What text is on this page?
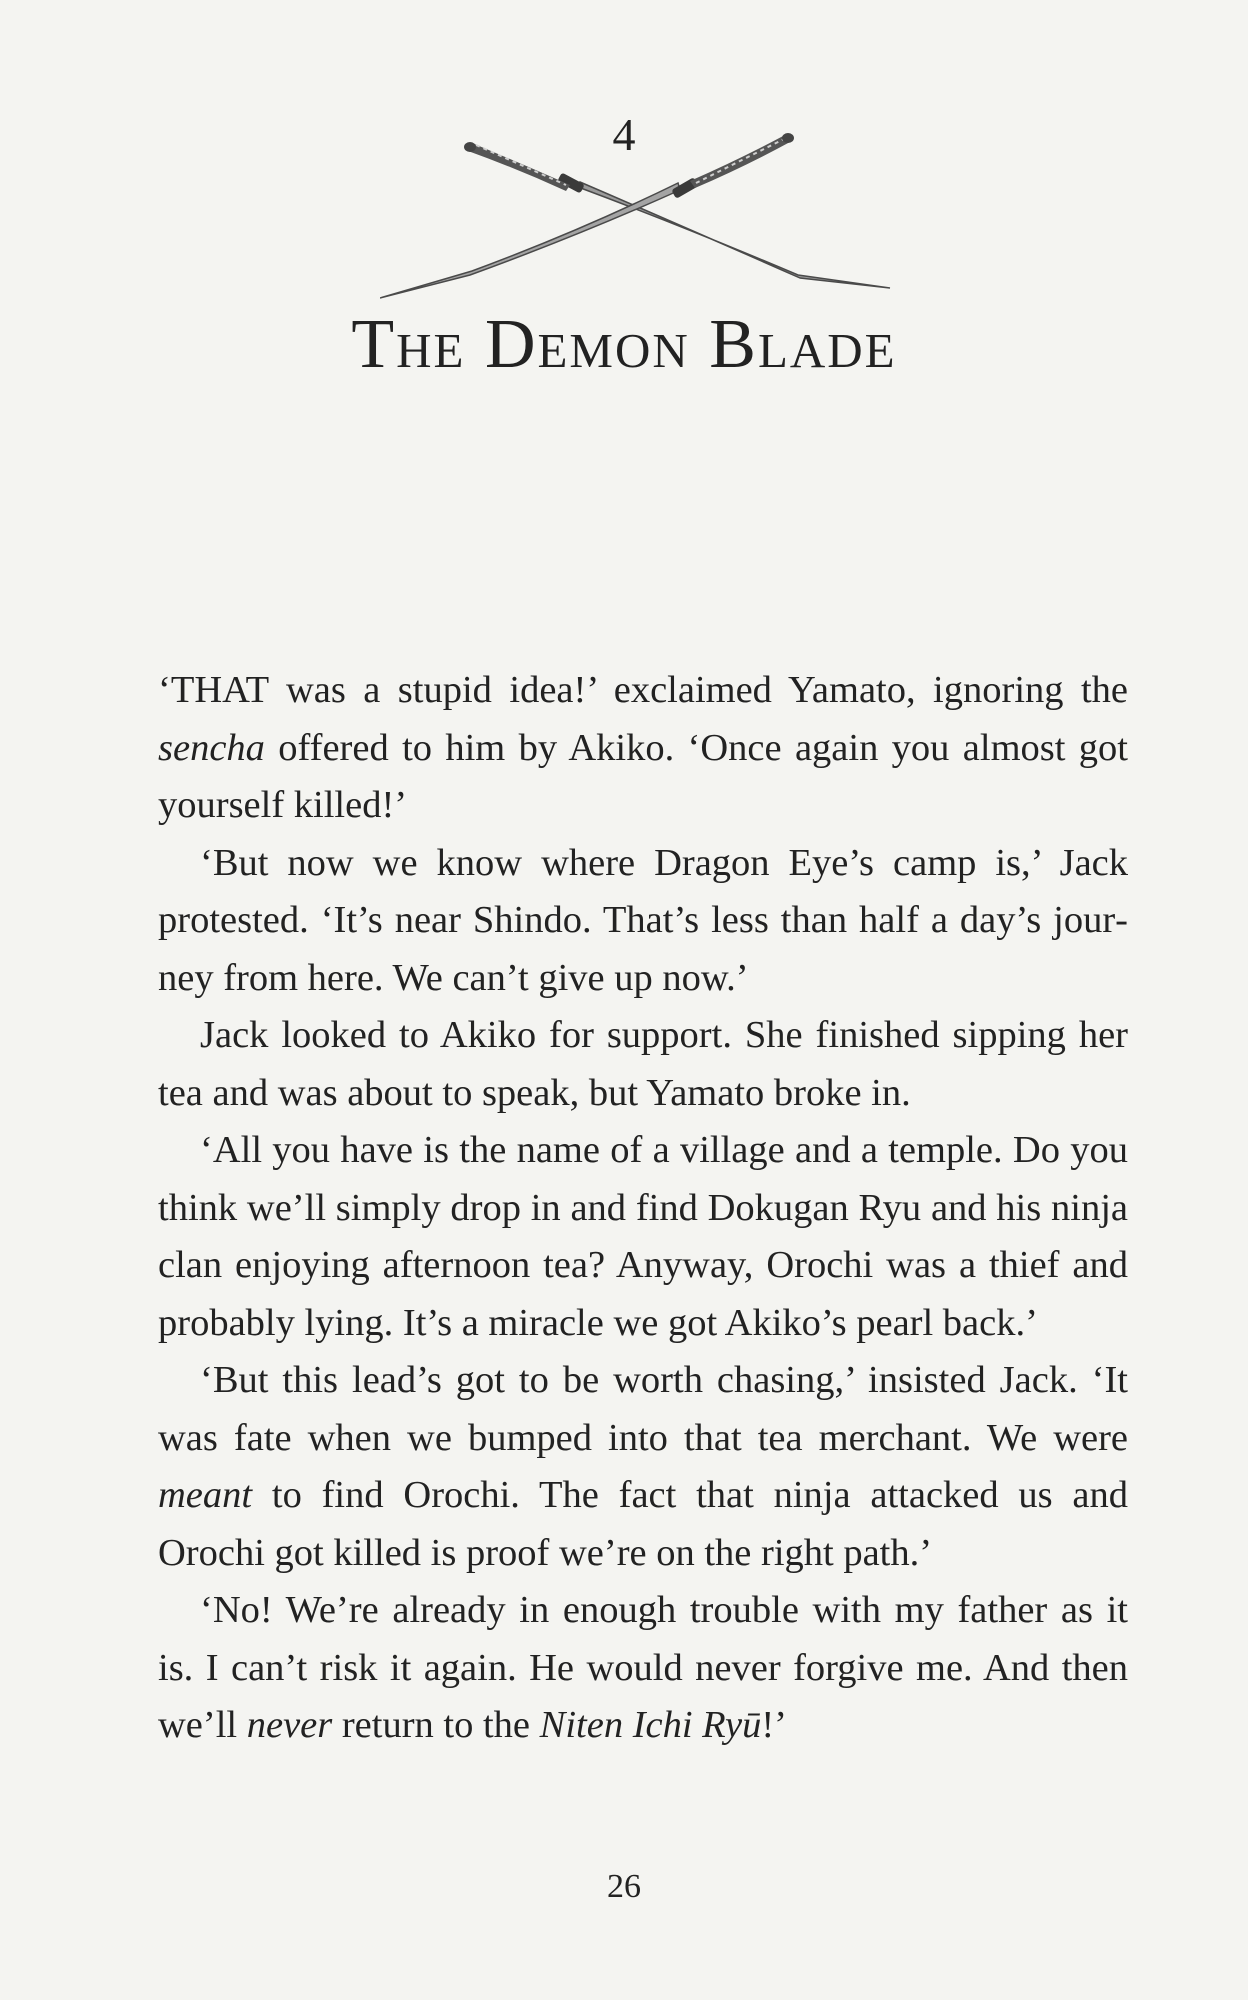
4
The Demon Blade

‘THAT was a stupid idea!’ exclaimed Yamato, ignoring the sencha offered to him by Akiko. ‘Once again you almost got yourself killed!’

‘But now we know where Dragon Eye’s camp is,’ Jack protested. ‘It’s near Shindo. That’s less than half a day’s journey from here. We can’t give up now.’

Jack looked to Akiko for support. She finished sipping her tea and was about to speak, but Yamato broke in.

‘All you have is the name of a village and a temple. Do you think we’ll simply drop in and find Dokugan Ryu and his ninja clan enjoying afternoon tea? Anyway, Orochi was a thief and probably lying. It’s a miracle we got Akiko’s pearl back.’

‘But this lead’s got to be worth chasing,’ insisted Jack. ‘It was fate when we bumped into that tea merchant. We were meant to find Orochi. The fact that ninja attacked us and Orochi got killed is proof we’re on the right path.’

‘No! We’re already in enough trouble with my father as it is. I can’t risk it again. He would never forgive me. And then we’ll never return to the Niten Ichi Ryū!’

26
